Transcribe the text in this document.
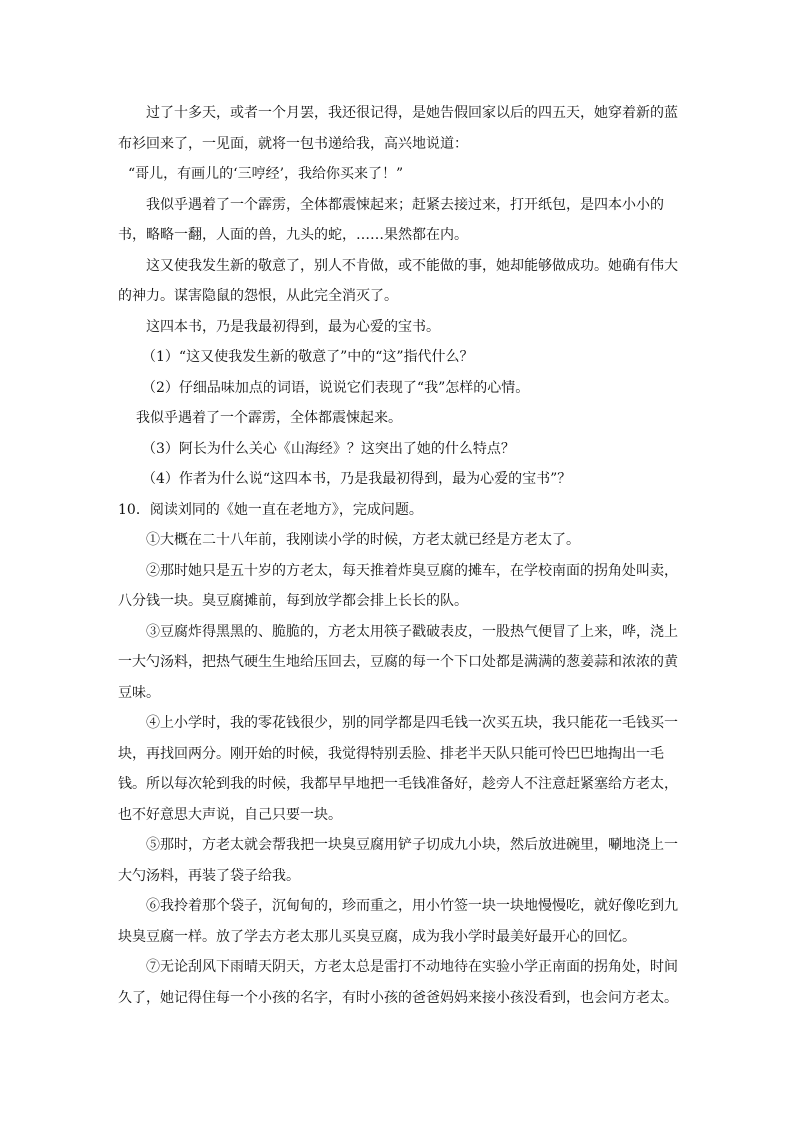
过了十多天，或者一个月罢，我还很记得，是她告假回家以后的四五天，她穿着新的蓝布衫回来了，一见面，就将一包书递给我，高兴地说道：

“哥儿，有画儿的‘三哼经’，我给你买来了！”

我似乎遇着了一个霹雳，全体都震悚起来；赶紧去接过来，打开纸包，是四本小小的书，略略一翻，人面的兽，九头的蛇，……果然都在内。

这又使我发生新的敬意了，别人不肯做，或不能做的事，她却能够做成功。她确有伟大的神力。谋害隐鼠的怨恨，从此完全消灭了。

这四本书，乃是我最初得到，最为心爱的宝书。

（1）“这又使我发生新的敬意了”中的“这”指代什么？

（2）仔细品味加点的词语，说说它们表现了“我”怎样的心情。

我似乎遇着了一个霹雳，全体都震悚起来。

（3）阿长为什么关心《山海经》？这突出了她的什么特点？

（4）作者为什么说“这四本书，乃是我最初得到，最为心爱的宝书”？

10．阅读刘同的《她一直在老地方》，完成问题。

①大概在二十八年前，我刚读小学的时候，方老太就已经是方老太了。

②那时她只是五十岁的方老太，每天推着炸臭豆腐的摊车，在学校南面的拐角处叫卖，八分钱一块。臭豆腐摊前，每到放学都会排上长长的队。

③豆腐炸得黑黑的、脆脆的，方老太用筷子戳破表皮，一股热气便冒了上来，哗，浇上一大勺汤料，把热气硬生生地给压回去，豆腐的每一个下口处都是满满的葱姜蒜和浓浓的黄豆味。

④上小学时，我的零花钱很少，别的同学都是四毛钱一次买五块，我只能花一毛钱买一块，再找回两分。刚开始的时候，我觉得特别丢脸、排老半天队只能可怜巴巴地掏出一毛钱。所以每次轮到我的时候，我都早早地把一毛钱准备好，趁旁人不注意赶紧塞给方老太，也不好意思大声说，自己只要一块。

⑤那时，方老太就会帮我把一块臭豆腐用铲子切成九小块，然后放进碗里，唰地浇上一大勺汤料，再装了袋子给我。

⑥我拎着那个袋子，沉甸甸的，珍而重之，用小竹签一块一块地慢慢吃，就好像吃到九块臭豆腐一样。放了学去方老太那儿买臭豆腐，成为我小学时最美好最开心的回忆。

⑦无论刮风下雨晴天阴天，方老太总是雷打不动地待在实验小学正南面的拐角处，时间久了，她记得住每一个小孩的名字，有时小孩的爸爸妈妈来接小孩没看到，也会问方老太。
